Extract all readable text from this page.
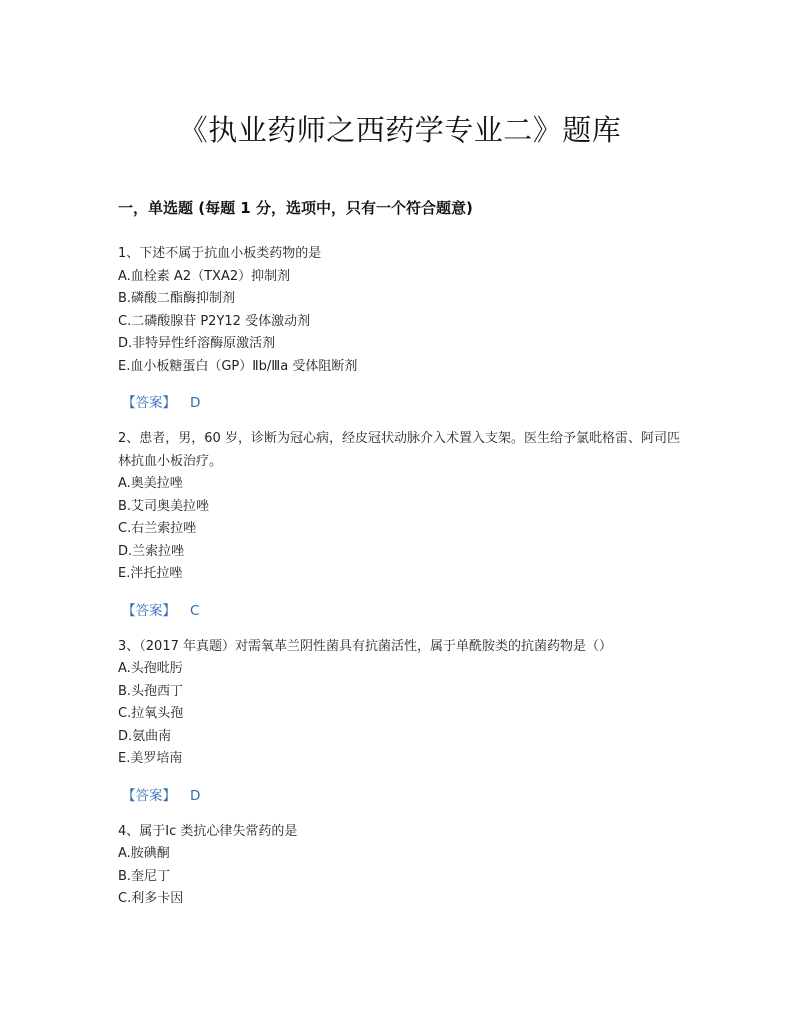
《执业药师之西药学专业二》题库
一，单选题 (每题 1 分，选项中，只有一个符合题意)

1、下述不属于抗血小板类药物的是

A.血栓素 A2（TXA2）抑制剂
B.磷酸二酯酶抑制剂
C.二磷酸腺苷 P2Y12 受体激动剂
D.非特异性纤溶酶原激活剂
E.血小板糖蛋白（GP）Ⅱb/Ⅲa 受体阻断剂
【答案】 D

2、患者，男，60 岁，诊断为冠心病，经皮冠状动脉介入术置入支架。医生给予氯吡格雷、阿司匹林抗血小板治疗。

A.奥美拉唑
B.艾司奥美拉唑
C.右兰索拉唑
D.兰索拉唑
E.泮托拉唑
【答案】 C

3、（2017 年真题）对需氧革兰阴性菌具有抗菌活性，属于单酰胺类的抗菌药物是（）

A.头孢吡肟
B.头孢西丁
C.拉氧头孢
D.氨曲南
E.美罗培南
【答案】 D

4、属于Ⅰc 类抗心律失常药的是

A.胺碘酮
B.奎尼丁
C.利多卡因
